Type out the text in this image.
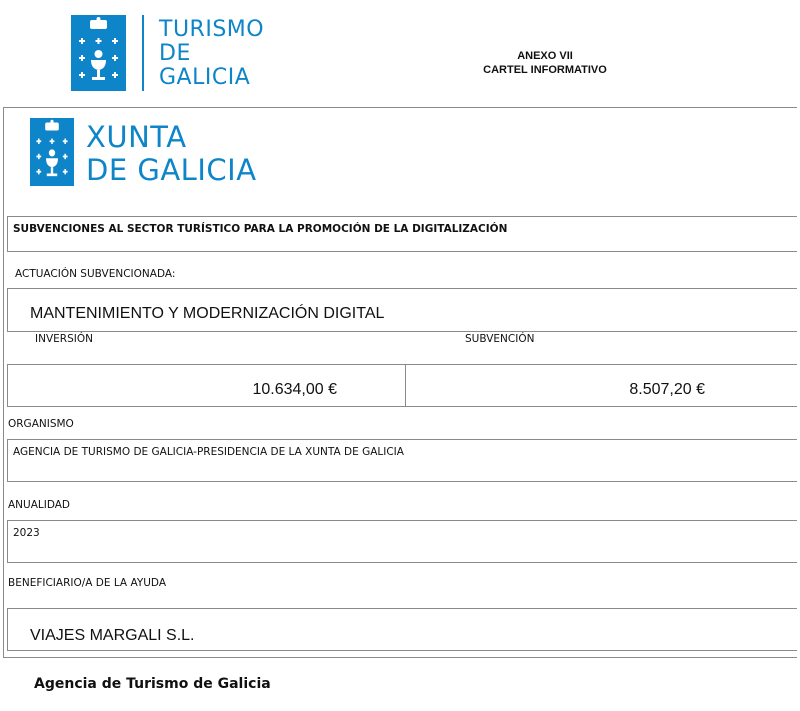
TURISMO
DE
GALICIA
ANEXO VII
CARTEL INFORMATIVO
XUNTA
DE GALICIA
SUBVENCIONES AL SECTOR TURÍSTICO PARA LA PROMOCIÓN DE LA DIGITALIZACIÓN
ACTUACIÓN SUBVENCIONADA:
MANTENIMIENTO Y MODERNIZACIÓN DIGITAL
INVERSIÓN	SUBVENCIÓN
10.634,00 €	8.507,20 €
ORGANISMO
AGENCIA DE TURISMO DE GALICIA-PRESIDENCIA DE LA XUNTA DE GALICIA
ANUALIDAD
2023
BENEFICIARIO/A DE LA AYUDA
VIAJES MARGALI S.L.
Agencia de Turismo de Galicia
